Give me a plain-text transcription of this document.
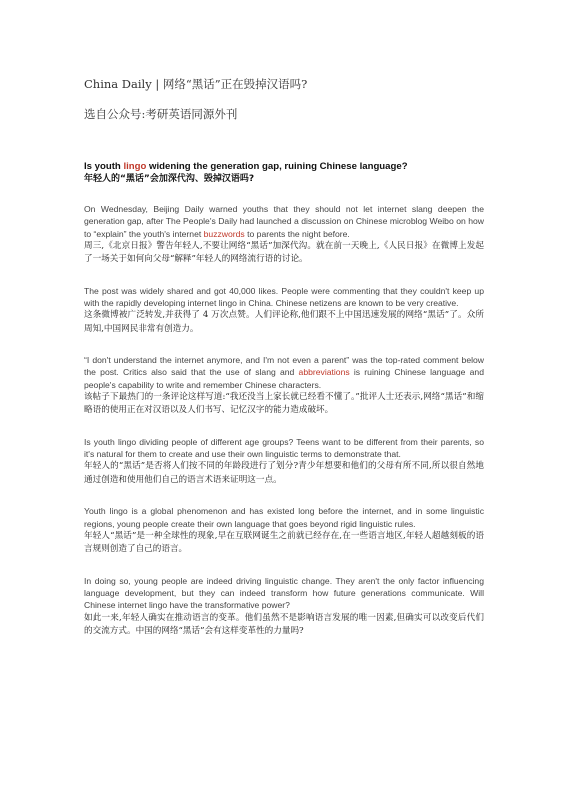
China Daily | 网络“黑话”正在毁掉汉语吗?
选自公众号:考研英语同源外刊
Is youth lingo widening the generation gap, ruining Chinese language?
年轻人的“黑话”会加深代沟、毁掉汉语吗?
On Wednesday, Beijing Daily warned youths that they should not let internet slang deepen the generation gap, after The People's Daily had launched a discussion on Chinese microblog Weibo on how to “explain” the youth's internet buzzwords to parents the night before.
周三,《北京日报》警告年轻人,不要让网络“黑话”加深代沟。就在前一天晚上,《人民日报》在微博上发起了一场关于如何向父母“解释”年轻人的网络流行语的讨论。
The post was widely shared and got 40,000 likes. People were commenting that they couldn't keep up with the rapidly developing internet lingo in China. Chinese netizens are known to be very creative.
这条微博被广泛转发,并获得了 4 万次点赞。人们评论称,他们跟不上中国迅速发展的网络“黑话”了。众所周知,中国网民非常有创造力。
“I don't understand the internet anymore, and I'm not even a parent” was the top-rated comment below the post. Critics also said that the use of slang and abbreviations is ruining Chinese language and people's capability to write and remember Chinese characters.
该帖子下最热门的一条评论这样写道:“我还没当上家长就已经看不懂了。”批评人士还表示,网络“黑话”和缩略语的使用正在对汉语以及人们书写、记忆汉字的能力造成破坏。
Is youth lingo dividing people of different age groups? Teens want to be different from their parents, so it's natural for them to create and use their own linguistic terms to demonstrate that.
年轻人的“黑话”是否将人们按不同的年龄段进行了划分?青少年想要和他们的父母有所不同,所以很自然地通过创造和使用他们自己的语言术语来证明这一点。
Youth lingo is a global phenomenon and has existed long before the internet, and in some linguistic regions, young people create their own language that goes beyond rigid linguistic rules.
年轻人“黑话”是一种全球性的现象,早在互联网诞生之前就已经存在,在一些语言地区,年轻人超越刻板的语言规则创造了自己的语言。
In doing so, young people are indeed driving linguistic change. They aren't the only factor influencing language development, but they can indeed transform how future generations communicate. Will Chinese internet lingo have the transformative power?
如此一来,年轻人确实在推动语言的变革。他们虽然不是影响语言发展的唯一因素,但确实可以改变后代们的交流方式。中国的网络“黑话”会有这样变革性的力量吗?
